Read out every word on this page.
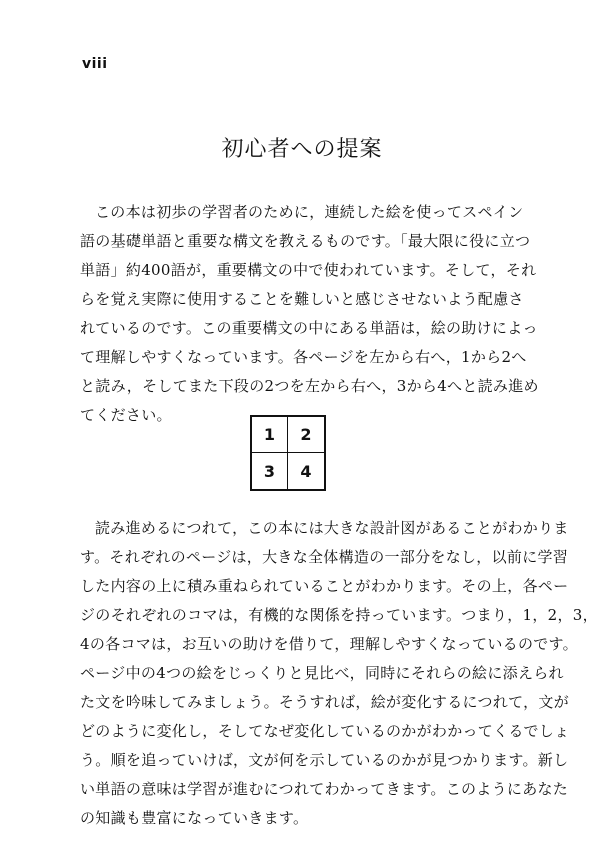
viii
初心者への提案
この本は初歩の学習者のために，連続した絵を使ってスペイン
語の基礎単語と重要な構文を教えるものです。「最大限に役に立つ
単語」約400語が，重要構文の中で使われています。そして，それ
らを覚え実際に使用することを難しいと感じさせないよう配慮さ
れているのです。この重要構文の中にある単語は，絵の助けによっ
て理解しやすくなっています。各ページを左から右へ，1から2へ
と読み，そしてまた下段の2つを左から右へ，3から4へと読み進め
てください。
1	2
3	4
読み進めるにつれて，この本には大きな設計図があることがわかりま
す。それぞれのページは，大きな全体構造の一部分をなし，以前に学習
した内容の上に積み重ねられていることがわかります。その上，各ペー
ジのそれぞれのコマは，有機的な関係を持っています。つまり，1，2，3，
4の各コマは，お互いの助けを借りて，理解しやすくなっているのです。
ページ中の4つの絵をじっくりと見比べ，同時にそれらの絵に添えられ
た文を吟味してみましょう。そうすれば，絵が変化するにつれて，文が
どのように変化し，そしてなぜ変化しているのかがわかってくるでしょ
う。順を追っていけば，文が何を示しているのかが見つかります。新し
い単語の意味は学習が進むにつれてわかってきます。このようにあなた
の知識も豊富になっていきます。
